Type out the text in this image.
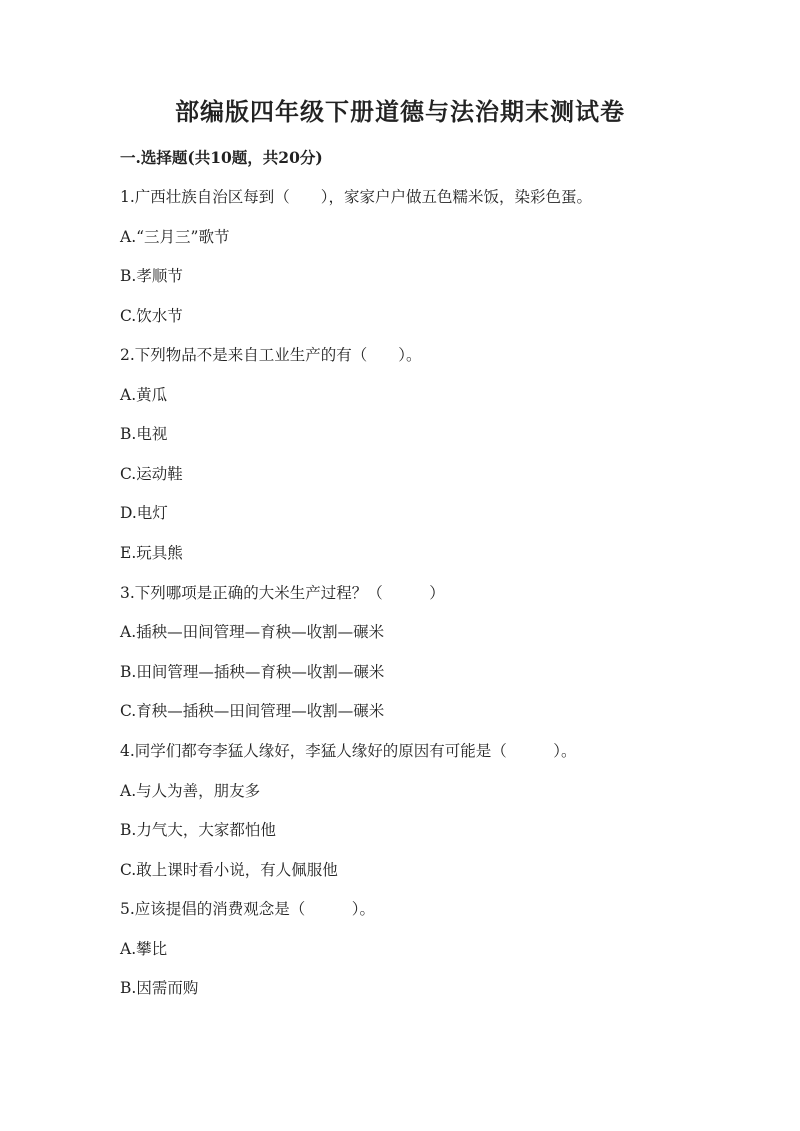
部编版四年级下册道德与法治期末测试卷
一.选择题(共10题，共20分)
1.广西壮族自治区每到（　　），家家户户做五色糯米饭，染彩色蛋。
A.“三月三”歌节
B.孝顺节
C.饮水节
2.下列物品不是来自工业生产的有（　　）。
A.黄瓜
B.电视
C.运动鞋
D.电灯
E.玩具熊
3.下列哪项是正确的大米生产过程？（　　　）
A.插秧—田间管理—育秧—收割—碾米
B.田间管理—插秧—育秧—收割—碾米
C.育秧—插秧—田间管理—收割—碾米
4.同学们都夸李猛人缘好，李猛人缘好的原因有可能是（　　　）。
A.与人为善，朋友多
B.力气大，大家都怕他
C.敢上课时看小说，有人佩服他
5.应该提倡的消费观念是（　　　）。
A.攀比
B.因需而购
